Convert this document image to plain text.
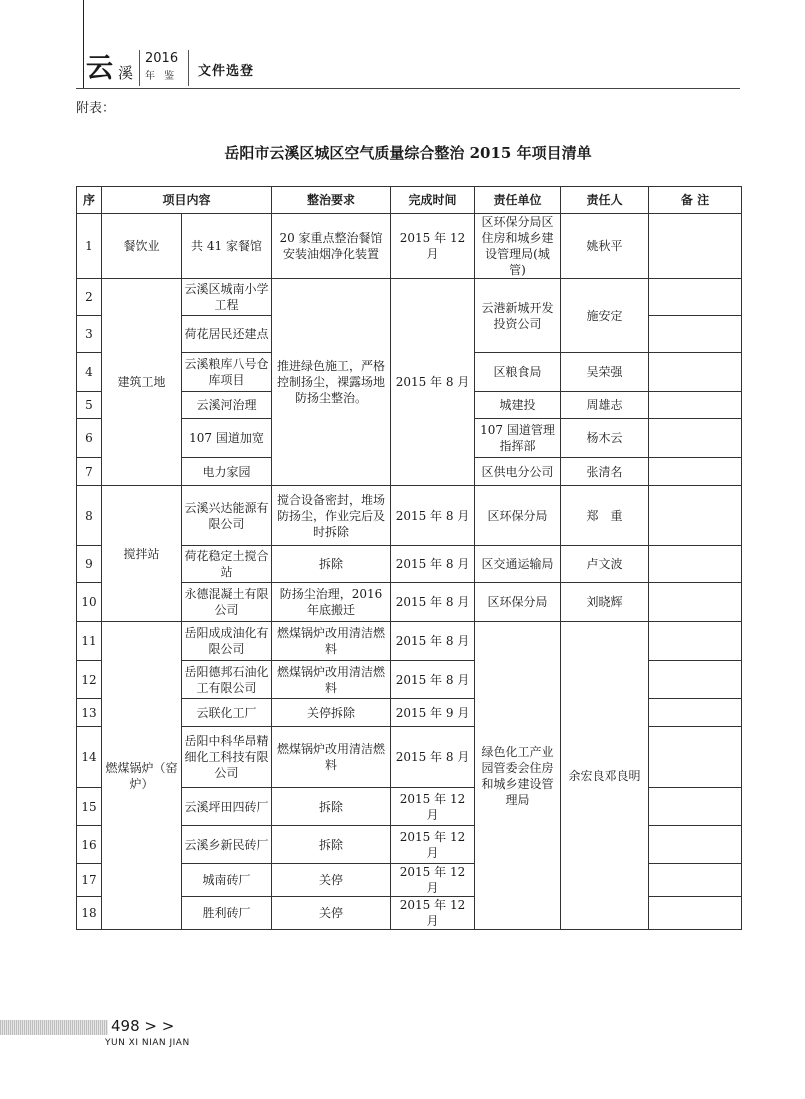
云 溪
2016
年 鉴 文件选登
附表：
岳阳市云溪区城区空气质量综合整治 2015 年项目清单
序	项目内容		整治要求	完成时间	责任单位	责任人	备 注
1	餐饮业	共 41 家餐馆	20 家重点整治餐馆安装油烟净化装置	2015 年 12 月	区环保分局区住房和城乡建设管理局(城管)	姚秋平	
2	建筑工地	云溪区城南小学工程	推进绿色施工，严格控制扬尘，裸露场地防扬尘整治。	2015 年 8 月	云港新城开发投资公司	施安定	
3		荷花居民还建点					
4		云溪粮库八号仓库项目			区粮食局	吴荣强	
5		云溪河治理			城建投	周雄志	
6		107 国道加宽			107 国道管理指挥部	杨木云	
7		电力家园			区供电分公司	张清名	
8	搅拌站	云溪兴达能源有限公司	搅合设备密封，堆场防扬尘，作业完后及时拆除	2015 年 8 月	区环保分局	郑　重	
9		荷花稳定土搅合站	拆除	2015 年 8 月	区交通运输局	卢文波	
10		永德混凝土有限公司	防扬尘治理，2016 年底搬迁	2015 年 8 月	区环保分局	刘晓辉	
11	燃煤锅炉（窑炉）	岳阳成成油化有限公司	燃煤锅炉改用清洁燃料	2015 年 8 月	绿色化工产业园管委会住房和城乡建设管理局	余宏良邓良明	
12		岳阳德邦石油化工有限公司	燃煤锅炉改用清洁燃料	2015 年 8 月			
13		云联化工厂	关停拆除	2015 年 9 月			
14		岳阳中科华昂精细化工科技有限公司	燃煤锅炉改用清洁燃料	2015 年 8 月			
15		云溪坪田四砖厂	拆除	2015 年 12 月			
16		云溪乡新民砖厂	拆除	2015 年 12 月			
17		城南砖厂	关停	2015 年 12 月			
18		胜利砖厂	关停	2015 年 12 月			
498 > >
YUN XI NIAN JIAN
